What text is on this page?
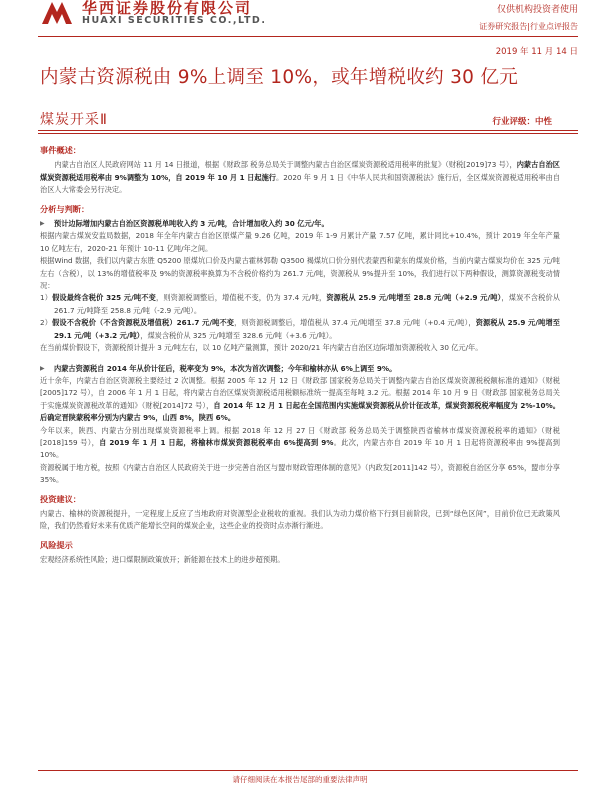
华西证券股份有限公司
HUAXI SECURITIES CO.,LTD.
仅供机构投资者使用
证券研究报告|行业点评报告
2019 年 11 月 14 日
内蒙古资源税由 9%上调至 10%，或年增税收约 30 亿元
煤炭开采Ⅱ	行业评级：中性
事件概述：

内蒙古自治区人民政府网站 11 月 14 日报道，根据《财政部 税务总局关于调整内蒙古自治区煤炭资源税适用税率的批复》（财税[2019]73 号），内蒙古自治区煤炭资源税适用税率由 9%调整为 10%，自 2019 年 10 月 1 日起施行。2020 年 9 月 1 日《中华人民共和国资源税法》施行后，全区煤炭资源税适用税率由自治区人大常委会另行决定。

分析与判断：

▶ 预计边际增加内蒙古自治区资源税单吨收入约 3 元/吨，合计增加收入约 30 亿元/年。

根据内蒙古煤炭安监局数据，2018 年全年内蒙古自治区原煤产量 9.26 亿吨，2019 年 1-9 月累计产量 7.57 亿吨，累计同比+10.4%，预计 2019 年全年产量 10 亿吨左右，2020-21 年预计 10-11 亿吨/年之间。

根据Wind 数据，我们以内蒙古东胜 Q5200 原煤坑口价及内蒙古霍林郭勒 Q3500 褐煤坑口价分别代表蒙西和蒙东的煤炭价格，当前内蒙古煤炭均价在 325 元/吨左右（含税），以 13%的增值税率及 9%的资源税率换算为不含税价格约为 261.7 元/吨，资源税从 9%提升至 10%，我们进行以下两种假设，测算资源税变动情况：

1）假设最终含税价 325 元/吨不变，则资源税调整后，增值税不变，仍为 37.4 元/吨，资源税从 25.9 元/吨增至 28.8 元/吨（+2.9 元/吨），煤炭不含税价从 261.7 元/吨降至 258.8 元/吨（-2.9 元/吨）。

2）假设不含税价（不含资源税及增值税）261.7 元/吨不变，则资源税调整后，增值税从 37.4 元/吨增至 37.8 元/吨（+0.4 元/吨），资源税从 25.9 元/吨增至 29.1 元/吨（+3.2 元/吨），煤炭含税价从 325 元/吨增至 328.6 元/吨（+3.6 元/吨）。

在当前煤价假设下，资源税预计提升 3 元/吨左右，以 10 亿吨产量测算，预计 2020/21 年内蒙古自治区边际增加资源税收入 30 亿元/年。

▶ 内蒙古资源税自 2014 年从价计征后，税率变为 9%，本次为首次调整；今年和榆林亦从 6%上调至 9%。

近十余年，内蒙古自治区资源税主要经过 2 次调整。根据 2005 年 12 月 12 日《财政部 国家税务总局关于调整内蒙古自治区煤炭资源税税额标准的通知》（财税[2005]172 号），自 2006 年 1 月 1 日起，将内蒙古自治区煤炭资源税适用税额标准统一提高至每吨 3.2 元。根据 2014 年 10 月 9 日《财政部 国家税务总局关于实施煤炭资源税改革的通知》（财税[2014]72 号），自 2014 年 12 月 1 日起在全国范围内实施煤炭资源税从价计征改革，煤炭资源税税率幅度为 2%-10%。后确定晋陕蒙税率分别为内蒙古 9%，山西 8%，陕西 6%。

今年以来，陕西、内蒙古分别出现煤炭资源税率上调。根据 2018 年 12 月 27 日《财政部 税务总局关于调整陕西省榆林市煤炭资源税税率的通知》（财税[2018]159 号），自 2019 年 1 月 1 日起，将榆林市煤炭资源税税率由 6%提高到 9%。此次，内蒙古亦自 2019 年 10 月 1 日起将资源税率由 9%提高到 10%。

资源税属于地方税，按照《内蒙古自治区人民政府关于进一步完善自治区与盟市财政管理体制的意见》（内政发[2011]142 号），资源税自治区分享 65%，盟市分享 35%。

投资建议：

内蒙古、榆林的资源税提升，一定程度上反应了当地政府对资源型企业税收的重视。我们认为动力煤价格下行到目前阶段，已到“绿色区间”，目前价位已无政策风险，我们仍然看好未来有优质产能增长空间的煤炭企业，这些企业的投资时点亦渐行渐进。

风险提示

宏观经济系统性风险；进口煤限制政策放开；新能源在技术上的进步超预期。

请仔细阅读在本报告尾部的重要法律声明
